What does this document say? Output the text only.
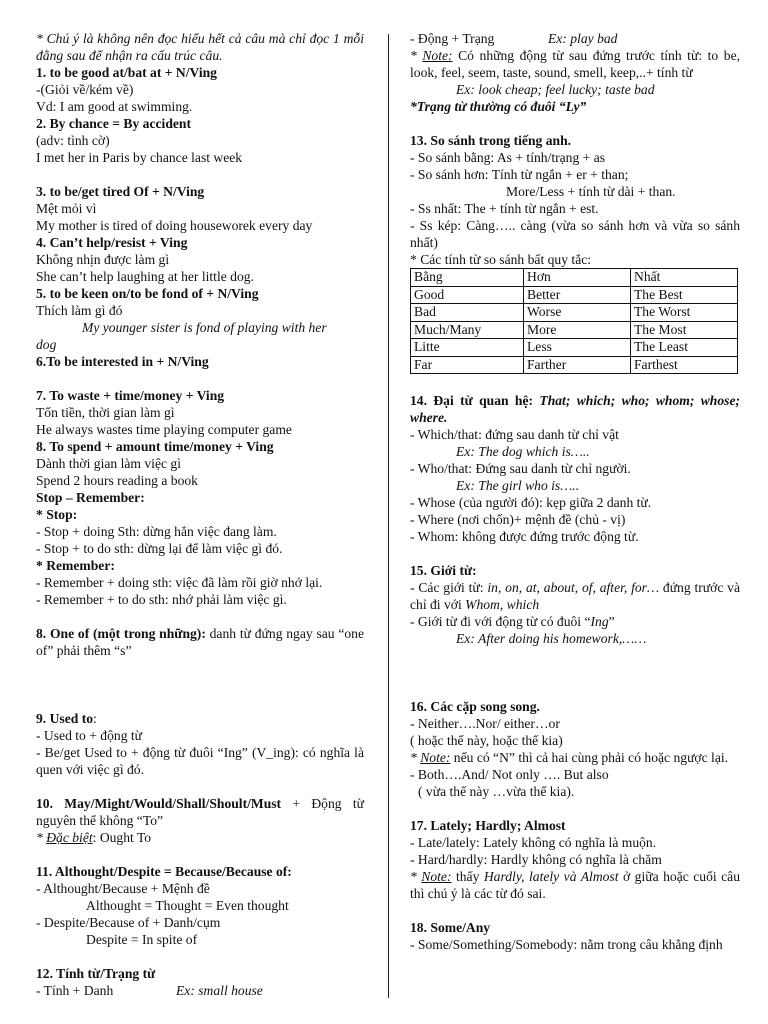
* Chú ý là không nên đọc hiểu hết cả câu mà chỉ đọc 1 mỗi đằng sau để nhận ra cấu trúc câu.
1. to be good at/bat at + N/Ving
-(Giỏi về/kém về)
Vd: I am good at swimming.
2. By chance = By accident
(adv: tình cờ)
I met her in Paris by chance last week
3. to be/get tired Of + N/Ving
Mệt mỏi vì
My mother is tired of doing houseworek every day
4. Can’t help/resist + Ving
Không nhịn được làm gì
She can’t help laughing at her little dog.
5. to be keen on/to be fond of + N/Ving
Thích làm gì đó
My younger sister is fond of playing with her
dog
6.To be interested in + N/Ving
7. To waste + time/money + Ving
Tốn tiền, thời gian làm gì
He always wastes time playing computer game
8. To spend + amount time/money + Ving
Dành thời gian làm việc gì
Spend 2 hours reading a book
Stop – Remember:
* Stop:
- Stop + doing Sth: dừng hẳn việc đang làm.
- Stop + to do sth: dừng lại để làm việc gì đó.
* Remember:
- Remember + doing sth: việc đã làm rồi giờ nhớ lại.
- Remember + to do sth: nhớ phải làm việc gì.
8. One of (một trong những): danh từ đứng ngay sau “one of” phải thêm “s”
9. Used to:
- Used to + động từ
- Be/get Used to + động từ đuôi “Ing” (V_ing): có nghĩa là quen với việc gì đó.
10. May/Might/Would/Shall/Shoult/Must + Động từ nguyên thể không “To”
* Đặc biệt: Ought To
11. Althought/Despite = Because/Because of:
- Althought/Because + Mệnh đề
Althought = Thought = Even thought
- Despite/Because of + Danh/cụm
Despite = In spite of
12. Tính từ/Trạng từ
- Tính + Danh	Ex: small house
- Động + Trạng	Ex: play bad
* Note: Có những động từ sau đứng trước tính từ: to be, look, feel, seem, taste, sound, smell, keep,..+ tính từ
Ex: look cheap; feel lucky; taste bad
*Trạng từ thường có đuôi “Ly”
13. So sánh trong tiếng anh.
- So sánh bằng: As + tính/trạng + as
- So sánh hơn: Tính từ ngắn + er + than;
More/Less + tính từ dài + than.
- Ss nhất: The + tính từ ngắn + est.
- Ss kép: Càng….. càng (vừa so sánh hơn và vừa so sánh nhất)
* Các tính từ so sánh bất quy tắc:
Bằng	Hơn	Nhất
Good	Better	The Best
Bad	Worse	The Worst
Much/Many	More	The Most
Litte	Less	The Least
Far	Farther	Farthest
14. Đại từ quan hệ: That; which; who; whom; whose; where.
- Which/that: đứng sau danh từ chỉ vật
Ex: The dog which is…..
- Who/that: Đứng sau danh từ chỉ người.
Ex: The girl who is…..
- Whose (của người đó): kẹp giữa 2 danh từ.
- Where (nơi chốn)+ mệnh đề (chủ - vị)
- Whom: không được đứng trước động từ.
15. Giới từ:
- Các giới từ: in, on, at, about, of, after, for… đứng trước và chỉ đi với Whom, which
- Giới từ đi với động từ có đuôi “Ing”
Ex: After doing his homework,……
16. Các cặp song song.
- Neither….Nor/ either…or
( hoặc thế này, hoặc thế kia)
* Note: nếu có “N” thì cả hai cùng phải có hoặc ngược lại.
- Both….And/ Not only …. But also
( vừa thế này …vừa thế kia).
17. Lately; Hardly; Almost
- Late/lately: Lately không có nghĩa là muộn.
- Hard/hardly: Hardly không có nghĩa là chăm
* Note: thấy Hardly, lately và Almost ở giữa hoặc cuối câu thì chú ý là các từ đó sai.
18. Some/Any
- Some/Something/Somebody: nằm trong câu khẳng định
